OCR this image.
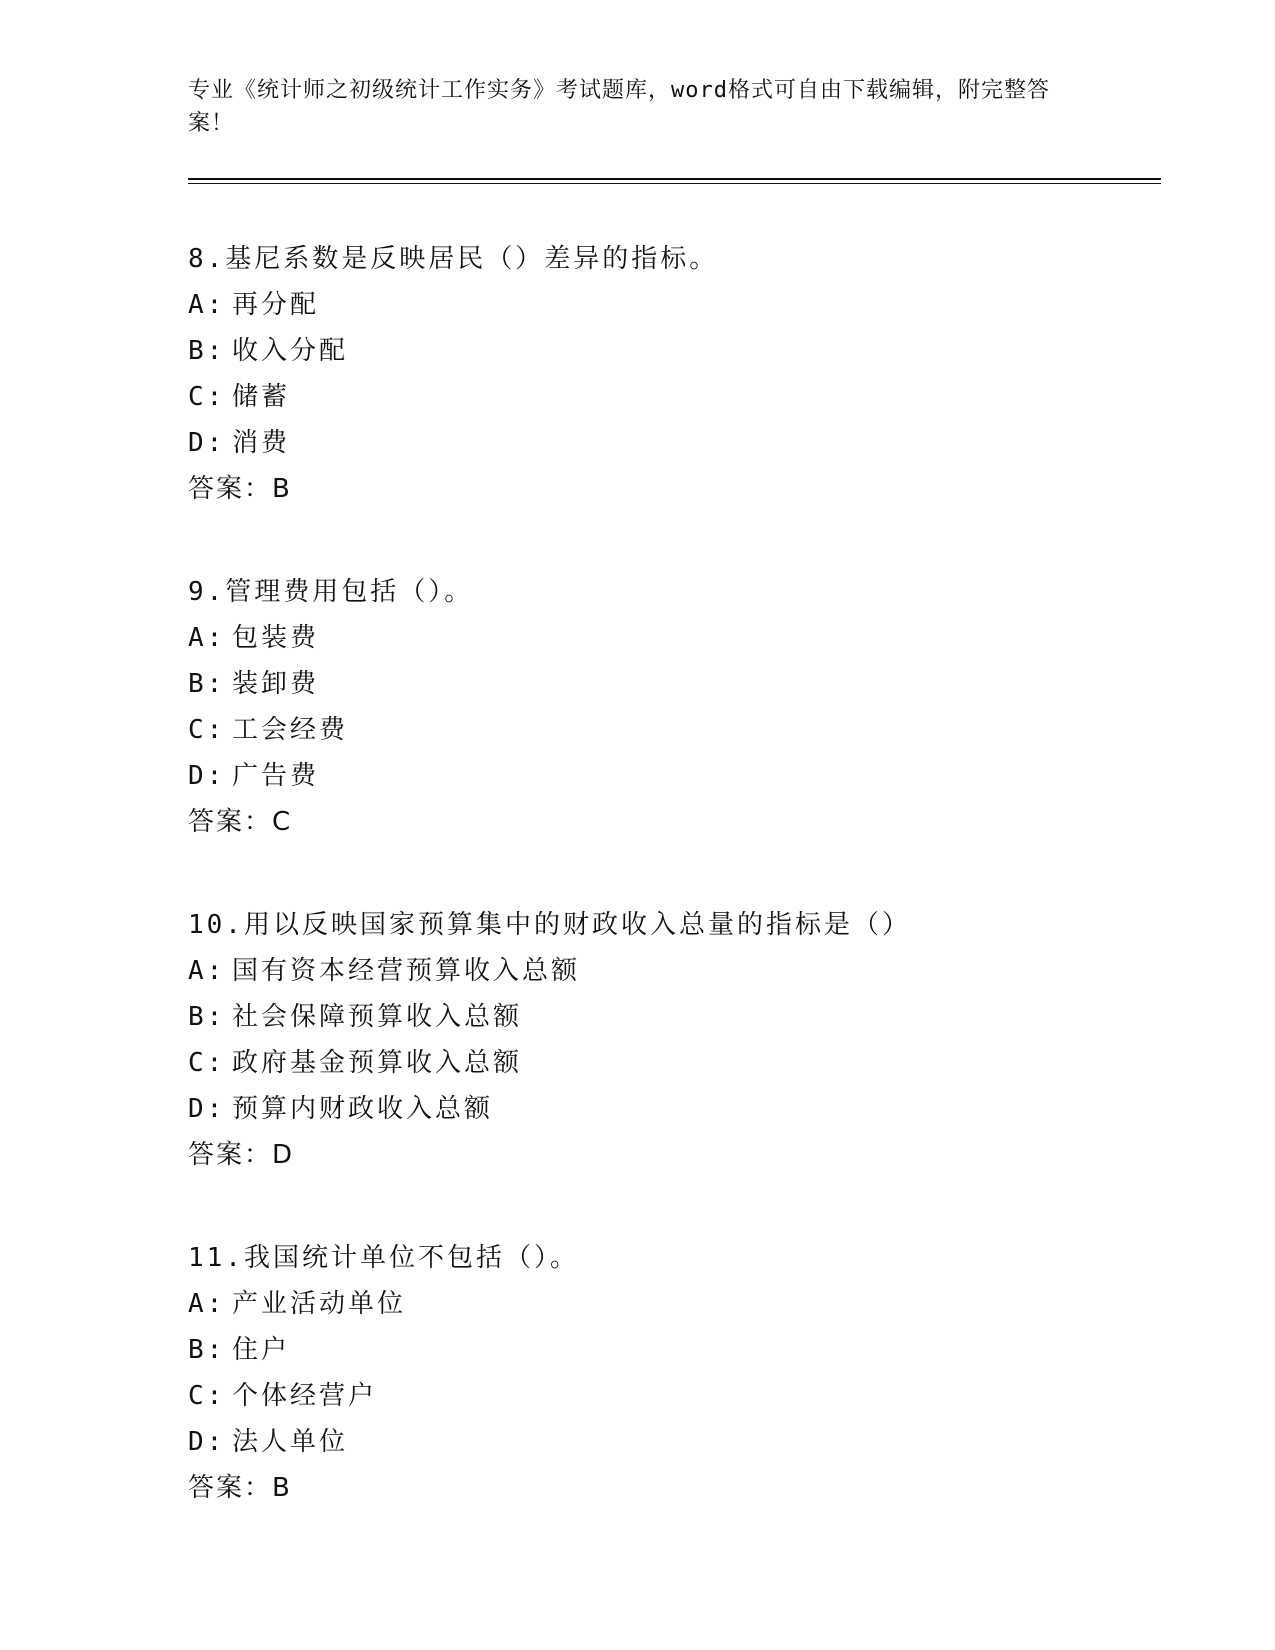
专业《统计师之初级统计工作实务》考试题库，word格式可自由下载编辑，附完整答案！
8.基尼系数是反映居民（）差异的指标。
A: 再分配
B: 收入分配
C: 储蓄
D: 消费
答案：B
9.管理费用包括（）。
A: 包装费
B: 装卸费
C: 工会经费
D: 广告费
答案：C
10.用以反映国家预算集中的财政收入总量的指标是（）
A: 国有资本经营预算收入总额
B: 社会保障预算收入总额
C: 政府基金预算收入总额
D: 预算内财政收入总额
答案：D
11.我国统计单位不包括（）。
A: 产业活动单位
B: 住户
C: 个体经营户
D: 法人单位
答案：B
